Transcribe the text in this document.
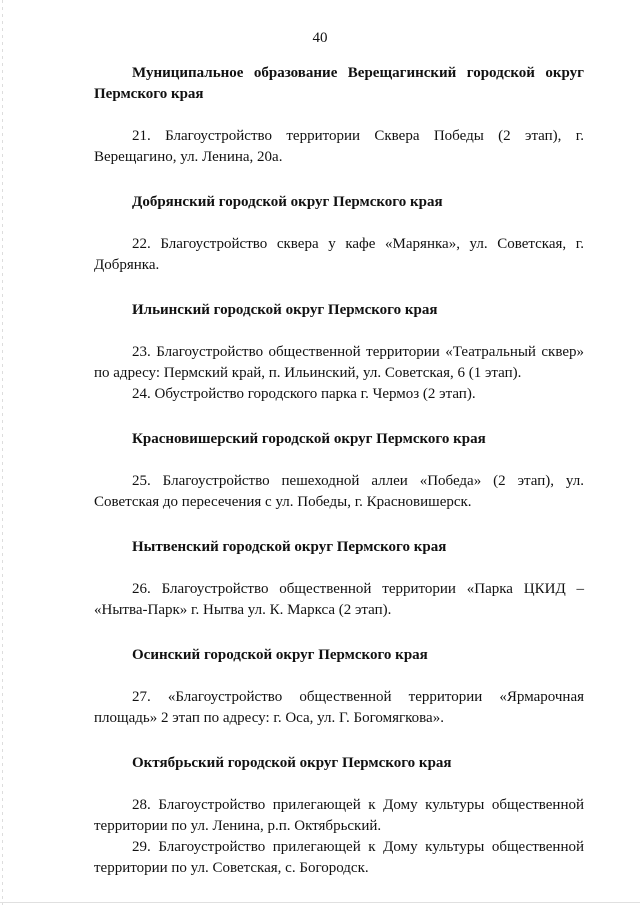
40

Муниципальное образование Верещагинский городской округ Пермского края

21. Благоустройство территории Сквера Победы (2 этап), г. Верещагино, ул. Ленина, 20а.

Добрянский городской округ Пермского края

22. Благоустройство сквера у кафе «Марянка», ул. Советская, г. Добрянка.

Ильинский городской округ Пермского края

23. Благоустройство общественной территории «Театральный сквер» по адресу: Пермский край, п. Ильинский, ул. Советская, 6 (1 этап).

24. Обустройство городского парка г. Чермоз (2 этап).

Красновишерский городской округ Пермского края

25. Благоустройство пешеходной аллеи «Победа» (2 этап), ул. Советская до пересечения с ул. Победы, г. Красновишерск.

Нытвенский городской округ Пермского края

26. Благоустройство общественной территории «Парка ЦКИД – «Нытва-Парк» г. Нытва ул. К. Маркса (2 этап).

Осинский городской округ Пермского края

27. «Благоустройство общественной территории «Ярмарочная площадь» 2 этап по адресу: г. Оса, ул. Г. Богомягкова».

Октябрьский городской округ Пермского края

28. Благоустройство прилегающей к Дому культуры общественной территории по ул. Ленина, р.п. Октябрьский.

29. Благоустройство прилегающей к Дому культуры общественной территории по ул. Советская, с. Богородск.
